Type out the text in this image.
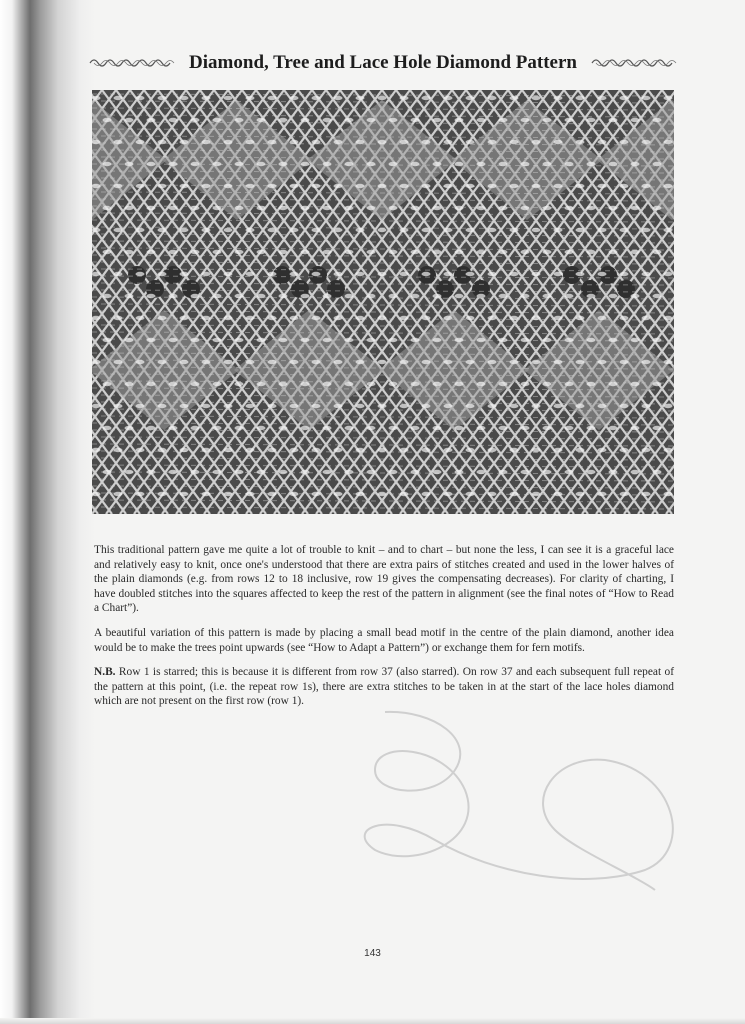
Diamond, Tree and Lace Hole Diamond Pattern

This traditional pattern gave me quite a lot of trouble to knit – and to chart – but none the less, I can see it is a graceful lace and relatively easy to knit, once one's understood that there are extra pairs of stitches created and used in the lower halves of the plain diamonds (e.g. from rows 12 to 18 inclusive, row 19 gives the compensating decreases). For clarity of charting, I have doubled stitches into the squares affected to keep the rest of the pattern in alignment (see the final notes of “How to Read a Chart”).

A beautiful variation of this pattern is made by placing a small bead motif in the centre of the plain diamond, another idea would be to make the trees point upwards (see “How to Adapt a Pattern”) or exchange them for fern motifs.

N.B. Row 1 is starred; this is because it is different from row 37 (also starred). On row 37 and each subsequent full repeat of the pattern at this point, (i.e. the repeat row 1s), there are extra stitches to be taken in at the start of the lace holes diamond which are not present on the first row (row 1).

143
